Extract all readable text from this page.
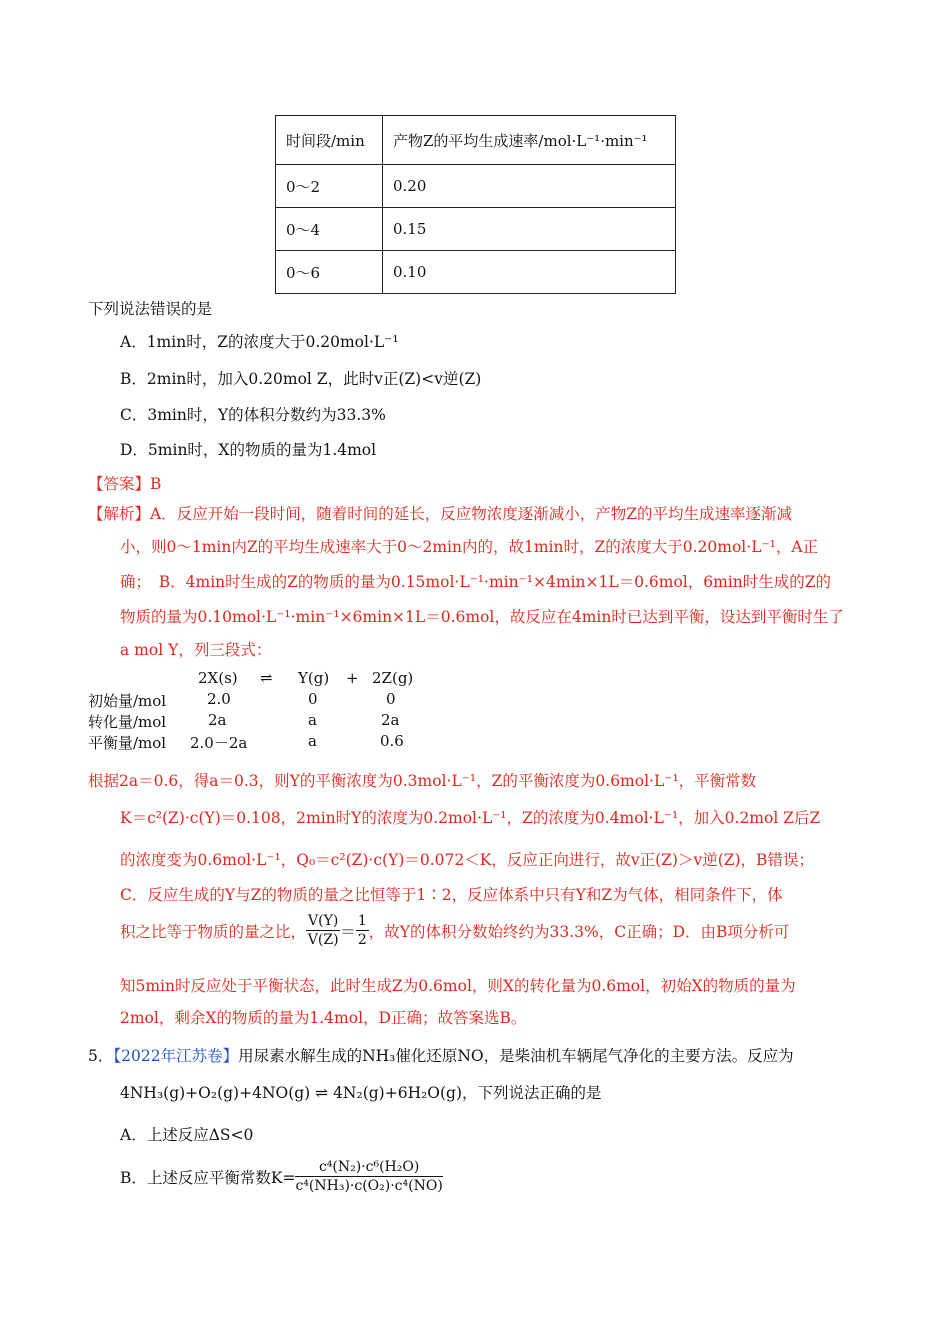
时间段/min	产物Z的平均生成速率/mol·L⁻¹·min⁻¹
0～2	0.20
0～4	0.15
0～6	0.10
下列说法错误的是
A．1min时，Z的浓度大于0.20mol·L⁻¹
B．2min时，加入0.20mol Z，此时v正(Z)<v逆(Z)
C．3min时，Y的体积分数约为33.3%
D．5min时，X的物质的量为1.4mol
【答案】B
【解析】A．反应开始一段时间，随着时间的延长，反应物浓度逐渐减小，产物Z的平均生成速率逐渐减
小，则0～1min内Z的平均生成速率大于0～2min内的，故1min时，Z的浓度大于0.20mol·L⁻¹，A正
确；　B．4min时生成的Z的物质的量为0.15mol·L⁻¹·min⁻¹×4min×1L＝0.6mol，6min时生成的Z的
物质的量为0.10mol·L⁻¹·min⁻¹×6min×1L＝0.6mol，故反应在4min时已达到平衡，设达到平衡时生了
a mol Y，列三段式：
2X(s) ⇌ Y(g) + 2Z(g)
初始量/mol	2.0	0	0
转化量/mol	2a	a	2a
平衡量/mol 2.0－2a	a	0.6
根据2a＝0.6，得a＝0.3，则Y的平衡浓度为0.3mol·L⁻¹，Z的平衡浓度为0.6mol·L⁻¹，平衡常数
K＝c²(Z)·c(Y)＝0.108，2min时Y的浓度为0.2mol·L⁻¹，Z的浓度为0.4mol·L⁻¹，加入0.2mol Z后Z
的浓度变为0.6mol·L⁻¹，Q₀＝c²(Z)·c(Y)＝0.072＜K，反应正向进行，故v正(Z)＞v逆(Z)，B错误；
C．反应生成的Y与Z的物质的量之比恒等于1∶2，反应体系中只有Y和Z为气体，相同条件下，体
积之比等于物质的量之比， $\frac{V(Y)}{V(Z)} = \frac{1}{2}$ ，故Y的体积分数始终约为33.3%，C正确；D．由B项分析可
知5min时反应处于平衡状态，此时生成Z为0.6mol，则X的转化量为0.6mol，初始X的物质的量为
2mol，剩余X的物质的量为1.4mol，D正确；故答案选B。
5．【2022年江苏卷】用尿素水解生成的NH₃催化还原NO，是柴油机车辆尾气净化的主要方法。反应为
4NH₃(g)+O₂(g)+4NO(g) ⇌ 4N₂(g)+6H₂O(g)，下列说法正确的是
A．上述反应ΔS<0
B．上述反应平衡常数$K= \frac{\text{c⁴(N₂)·c⁶(H₂O)}}{\text{c⁴(NH₃)·c(O₂)·c⁴(NO)}}$
